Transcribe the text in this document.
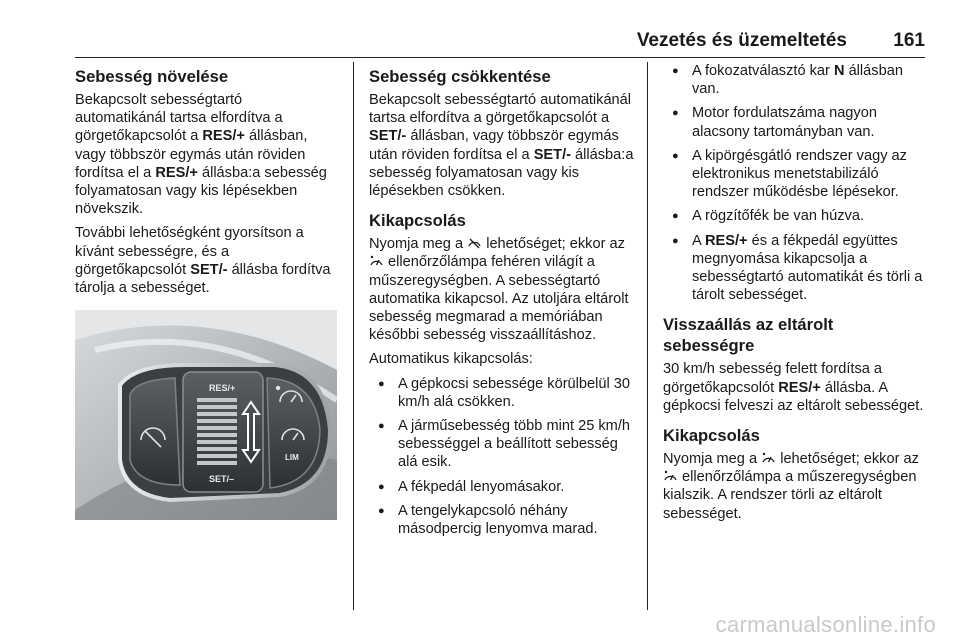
Vezetés és üzemeltetés 161
Sebesség növelése

Bekapcsolt sebességtartó automatikánál tartsa elfordítva a görgetőkapcsolót a RES/+ állásban, vagy többször egymás után röviden fordítsa el a RES/+ állásba:a sebesség folyamatosan vagy kis lépésekben növekszik.

További lehetőségként gyorsítson a kívánt sebességre, és a görgetőkapcsolót SET/- állásba fordítva tárolja a sebességet.

RES/+
SET/–
LIM
Sebesség csökkentése

Bekapcsolt sebességtartó automatikánál tartsa elfordítva a görgetőkapcsolót a SET/- állásban, vagy többször egymás után röviden fordítsa el a SET/- állásba:a sebesség folyamatosan vagy kis lépésekben csökken.

Kikapcsolás

Nyomja meg a  lehetőséget; ekkor az  ellenőrzőlámpa fehéren világít a műszeregységben. A sebességtartó automatika kikapcsol. Az utoljára eltárolt sebesség megmarad a memóriában későbbi sebesség visszaállításhoz.

Automatikus kikapcsolás:

● A gépkocsi sebessége körülbelül 30 km/h alá csökken.
● A járműsebesség több mint 25 km/h sebességgel a beállított sebesség alá esik.
● A fékpedál lenyomásakor.
● A tengelykapcsoló néhány másodpercig lenyomva marad.
● A fokozatválasztó kar N állásban van.
● Motor fordulatszáma nagyon alacsony tartományban van.
● A kipörgésgátló rendszer vagy az elektronikus menetstabilizáló rendszer működésbe lépésekor.
● A rögzítőfék be van húzva.
● A RES/+ és a fékpedál együttes megnyomása kikapcsolja a sebességtartó automatikát és törli a tárolt sebességet.
Visszaállás az eltárolt sebességre

30 km/h sebesség felett fordítsa a görgetőkapcsolót RES/+ állásba. A gépkocsi felveszi az eltárolt sebességet.

Kikapcsolás

Nyomja meg a  lehetőséget; ekkor az  ellenőrzőlámpa a műszeregységben kialszik. A rendszer törli az eltárolt sebességet.

carmanualsonline.info
